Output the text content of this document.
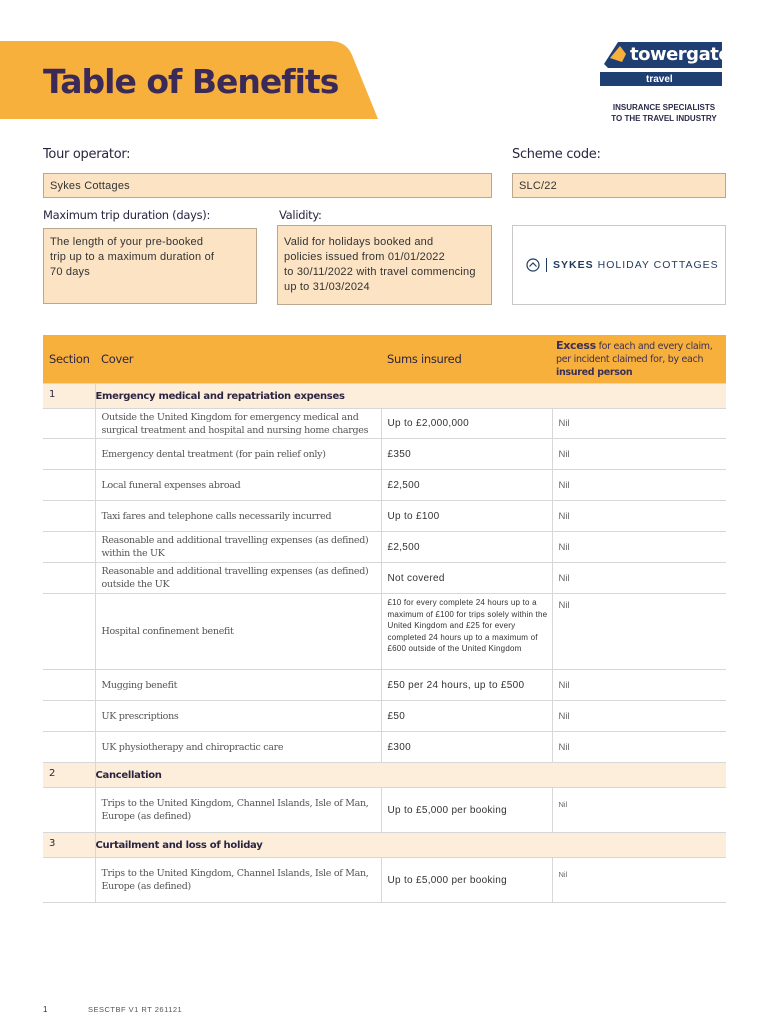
Table of Benefits
towergate
travel
INSURANCE SPECIALISTS
TO THE TRAVEL INDUSTRY
Tour operator:
Sykes Cottages
Scheme code:
SLC/22
Maximum trip duration (days):
The length of your pre-booked
trip up to a maximum duration of
70 days
Validity:
Valid for holidays booked and
policies issued from 01/01/2022
to 30/11/2022 with travel commencing
up to 31/03/2024
SYKES HOLIDAY COTTAGES
Section	Cover	Sums insured	Excess for each and every claim, per incident claimed for, by each insured person
1	Emergency medical and repatriation expenses		
	Outside the United Kingdom for emergency medical and surgical treatment and hospital and nursing home charges	Up to £2,000,000	Nil
	Emergency dental treatment (for pain relief only)	£350	Nil
	Local funeral expenses abroad	£2,500	Nil
	Taxi fares and telephone calls necessarily incurred	Up to £100	Nil
	Reasonable and additional travelling expenses (as defined) within the UK	£2,500	Nil
	Reasonable and additional travelling expenses (as defined) outside the UK	Not covered	Nil
	Hospital confinement benefit	£10 for every complete 24 hours up to a maximum of £100 for trips solely within the United Kingdom and £25 for every completed 24 hours up to a maximum of £600 outside of the United Kingdom	Nil
	Mugging benefit	£50 per 24 hours, up to £500	Nil
	UK prescriptions	£50	Nil
	UK physiotherapy and chiropractic care	£300	Nil
2	Cancellation		
	Trips to the United Kingdom, Channel Islands, Isle of Man, Europe (as defined)	Up to £5,000 per booking	Nil
3	Curtailment and loss of holiday		
	Trips to the United Kingdom, Channel Islands, Isle of Man, Europe (as defined)	Up to £5,000 per booking	Nil
1	SESCTBF V1 RT 261121
